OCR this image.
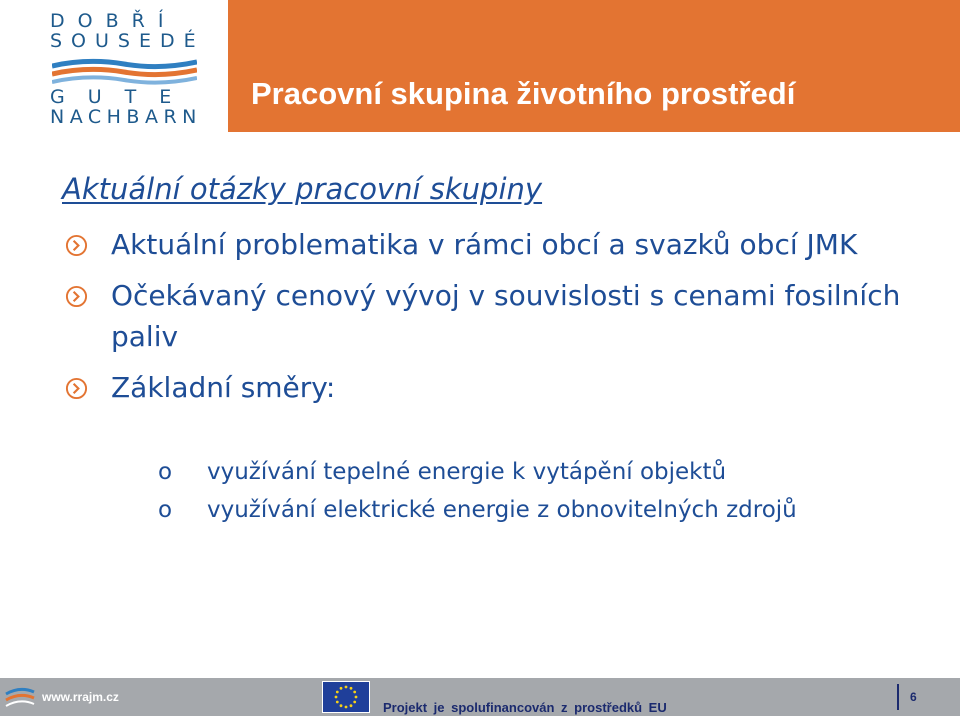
DOBŘÍ
SOUSEDÉ
GUTE
NACHBARN
Pracovní skupina životního prostředí
Aktuální otázky pracovní skupiny
Aktuální problematika v rámci obcí a svazků obcí JMK
Očekávaný cenový vývoj v souvislosti s cenami fosilních paliv
Základní směry:
o využívání tepelné energie k vytápění objektů
o využívání elektrické energie z obnovitelných zdrojů
www.rrajm.cz
Projekt je spolufinancován z prostředků EU
6
